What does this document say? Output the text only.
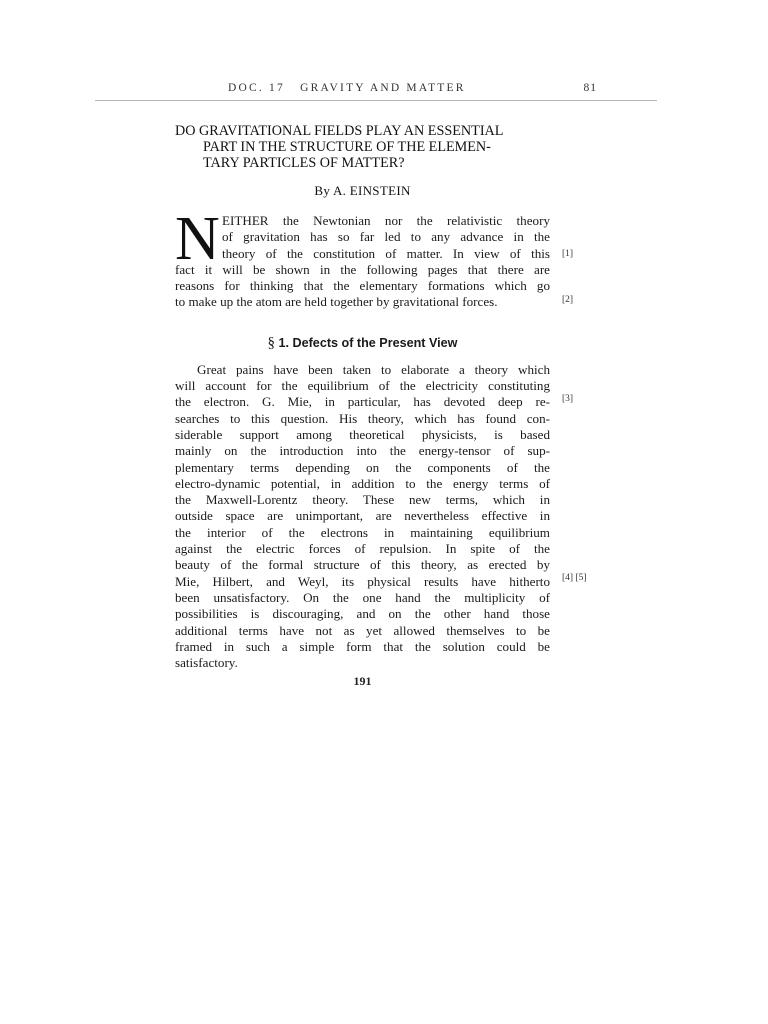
DOC. 17   GRAVITY AND MATTER	81
DO GRAVITATIONAL FIELDS PLAY AN ESSENTIAL
PART IN THE STRUCTURE OF THE ELEMEN-
TARY PARTICLES OF MATTER?
By A. EINSTEIN
N EITHER the Newtonian nor the relativistic theory
of gravitation has so far led to any advance in the
theory of the constitution of matter. In view of this
fact it will be shown in the following pages that there are
reasons for thinking that the elementary formations which go
to make up the atom are held together by gravitational forces.
§ 1. Defects of the Present View
Great pains have been taken to elaborate a theory which
will account for the equilibrium of the electricity constituting
the electron. G. Mie, in particular, has devoted deep re-
searches to this question. His theory, which has found con-
siderable support among theoretical physicists, is based
mainly on the introduction into the energy-tensor of sup-
plementary terms depending on the components of the
electro-dynamic potential, in addition to the energy terms of
the Maxwell-Lorentz theory. These new terms, which in
outside space are unimportant, are nevertheless effective in
the interior of the electrons in maintaining equilibrium
against the electric forces of repulsion. In spite of the
beauty of the formal structure of this theory, as erected by
Mie, Hilbert, and Weyl, its physical results have hitherto
been unsatisfactory. On the one hand the multiplicity of
possibilities is discouraging, and on the other hand those
additional terms have not as yet allowed themselves to be
framed in such a simple form that the solution could be
satisfactory.
191
[1]
[2]
[3]
[4] [5]
